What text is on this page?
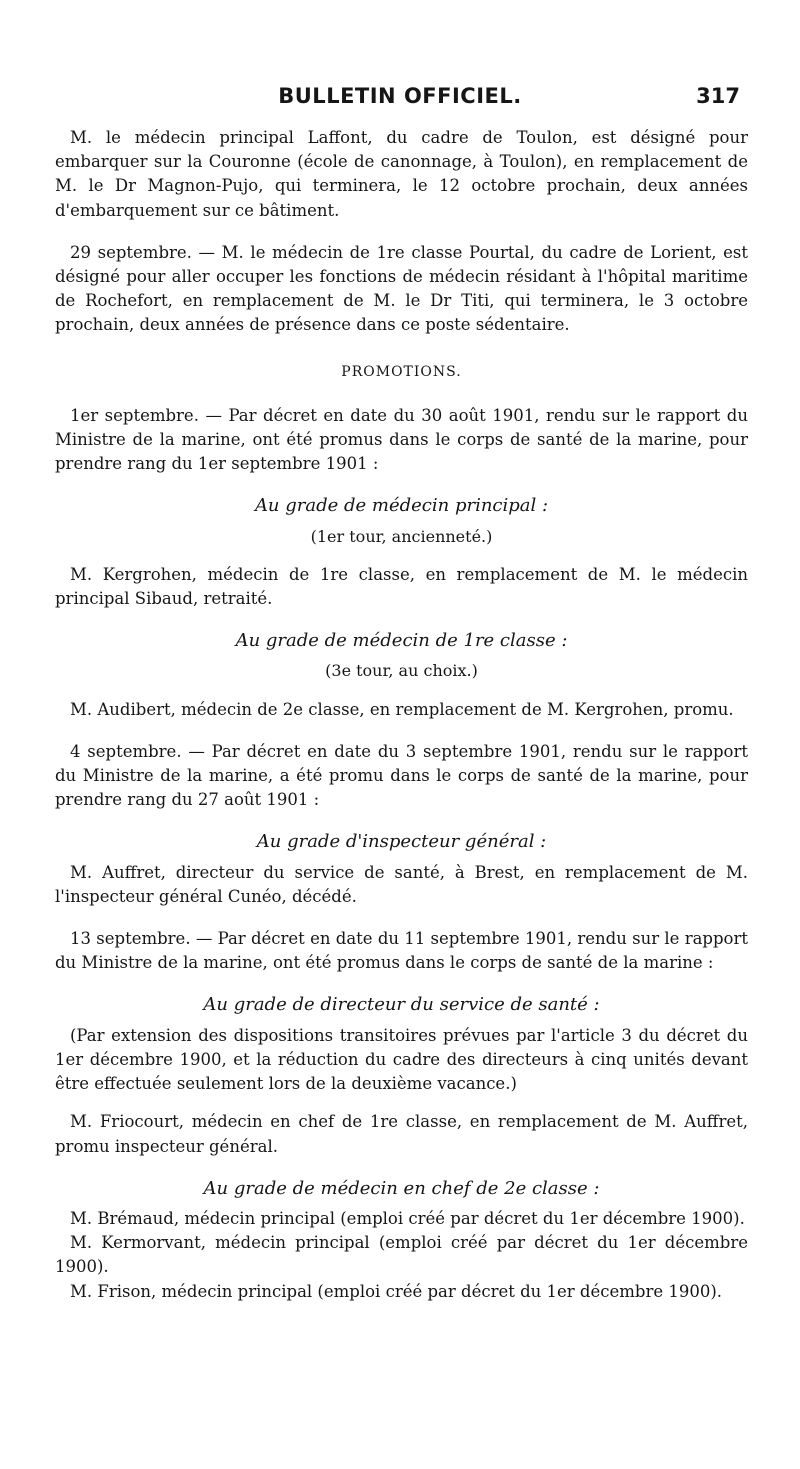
BULLETIN OFFICIEL.	317

M. le médecin principal Laffont, du cadre de Toulon, est désigné pour embarquer sur la Couronne (école de canonnage, à Toulon), en remplacement de M. le Dr Magnon-Pujo, qui terminera, le 12 octobre prochain, deux années d'embarquement sur ce bâtiment.

29 septembre. — M. le médecin de 1re classe Pourtal, du cadre de Lorient, est désigné pour aller occuper les fonctions de médecin résidant à l'hôpital maritime de Rochefort, en remplacement de M. le Dr Titi, qui terminera, le 3 octobre prochain, deux années de présence dans ce poste sédentaire.

PROMOTIONS.

1er septembre. — Par décret en date du 30 août 1901, rendu sur le rapport du Ministre de la marine, ont été promus dans le corps de santé de la marine, pour prendre rang du 1er septembre 1901 :

Au grade de médecin principal :

(1er tour, ancienneté.)

M. Kergrohen, médecin de 1re classe, en remplacement de M. le médecin principal Sibaud, retraité.

Au grade de médecin de 1re classe :

(3e tour, au choix.)

M. Audibert, médecin de 2e classe, en remplacement de M. Kergrohen, promu.

4 septembre. — Par décret en date du 3 septembre 1901, rendu sur le rapport du Ministre de la marine, a été promu dans le corps de santé de la marine, pour prendre rang du 27 août 1901 :

Au grade d'inspecteur général :

M. Auffret, directeur du service de santé, à Brest, en remplacement de M. l'inspecteur général Cunéo, décédé.

13 septembre. — Par décret en date du 11 septembre 1901, rendu sur le rapport du Ministre de la marine, ont été promus dans le corps de santé de la marine :

Au grade de directeur du service de santé :

(Par extension des dispositions transitoires prévues par l'article 3 du décret du 1er décembre 1900, et la réduction du cadre des directeurs à cinq unités devant être effectuée seulement lors de la deuxième vacance.)

M. Friocourt, médecin en chef de 1re classe, en remplacement de M. Auffret, promu inspecteur général.

Au grade de médecin en chef de 2e classe :

M. Brémaud, médecin principal (emploi créé par décret du 1er décembre 1900).

M. Kermorvant, médecin principal (emploi créé par décret du 1er décembre 1900).

M. Frison, médecin principal (emploi créé par décret du 1er décembre 1900).
